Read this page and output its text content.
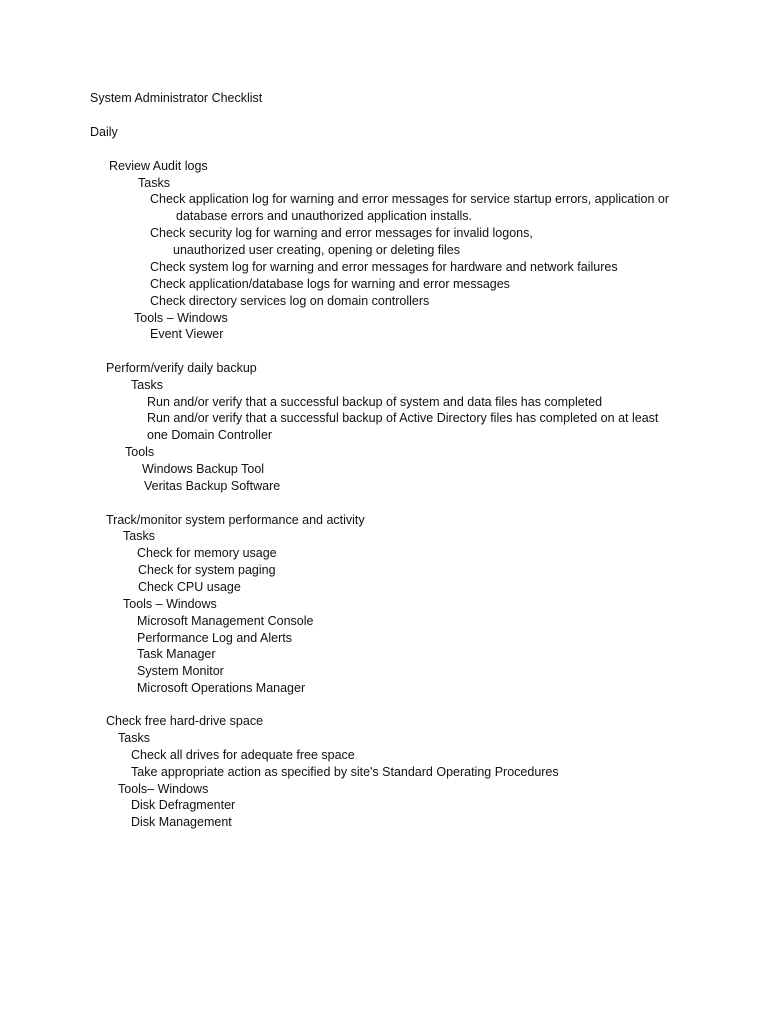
System Administrator Checklist
Daily
Review Audit logs
Tasks
Check application log for warning and error messages for service startup errors, application or
database errors and unauthorized application installs.
Check security log for warning and error messages for invalid logons,
unauthorized user creating, opening or deleting files
Check system log for warning and error messages for hardware and network failures
Check application/database logs for warning and error messages
Check directory services log on domain controllers
Tools – Windows
Event Viewer
Perform/verify daily backup
Tasks
Run and/or verify that a successful backup of system and data files has completed
Run and/or verify that a successful backup of Active Directory files has completed on at least
one Domain Controller
Tools
Windows Backup Tool
Veritas Backup Software
Track/monitor system performance and activity
Tasks
Check for memory usage
Check for system paging
Check CPU usage
Tools – Windows
Microsoft Management Console
Performance Log and Alerts
Task Manager
System Monitor
Microsoft Operations Manager
Check free hard-drive space
Tasks
Check all drives for adequate free space
Take appropriate action as specified by site's Standard Operating Procedures
Tools– Windows
Disk Defragmenter
Disk Management
